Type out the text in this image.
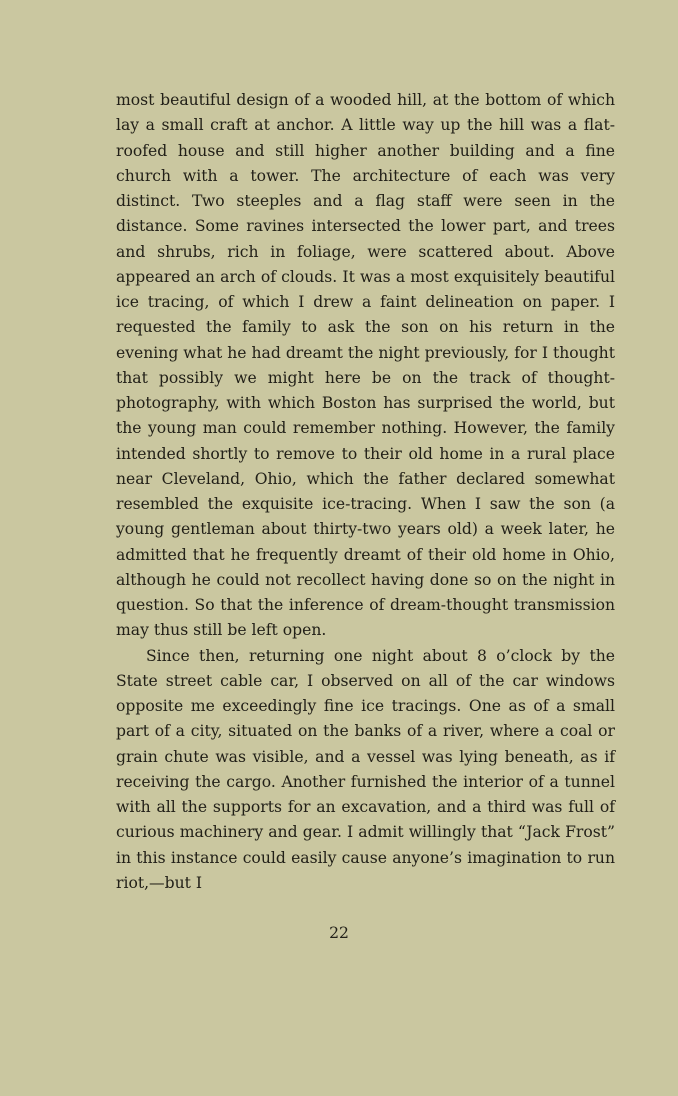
most beautiful design of a wooded hill, at the bottom of which lay a small craft at anchor. A little way up the hill was a flat-roofed house and still higher another building and a fine church with a tower. The architecture of each was very distinct. Two steeples and a flag staff were seen in the distance. Some ravines intersected the lower part, and trees and shrubs, rich in foliage, were scattered about. Above appeared an arch of clouds. It was a most exquisitely beautiful ice tracing, of which I drew a faint delineation on paper. I requested the family to ask the son on his return in the evening what he had dreamt the night previously, for I thought that possibly we might here be on the track of thought-photography, with which Boston has surprised the world, but the young man could remember nothing. However, the family intended shortly to remove to their old home in a rural place near Cleveland, Ohio, which the father declared somewhat resembled the exquisite ice-tracing. When I saw the son (a young gentleman about thirty-two years old) a week later, he admitted that he frequently dreamt of their old home in Ohio, although he could not recollect having done so on the night in question. So that the inference of dream-thought transmission may thus still be left open.

Since then, returning one night about 8 o’clock by the State street cable car, I observed on all of the car windows opposite me exceedingly fine ice tracings. One as of a small part of a city, situated on the banks of a river, where a coal or grain chute was visible, and a vessel was lying beneath, as if receiving the cargo. Another furnished the interior of a tunnel with all the supports for an excavation, and a third was full of curious machinery and gear. I admit willingly that “Jack Frost” in this instance could easily cause anyone’s imagination to run riot,—but I

22
